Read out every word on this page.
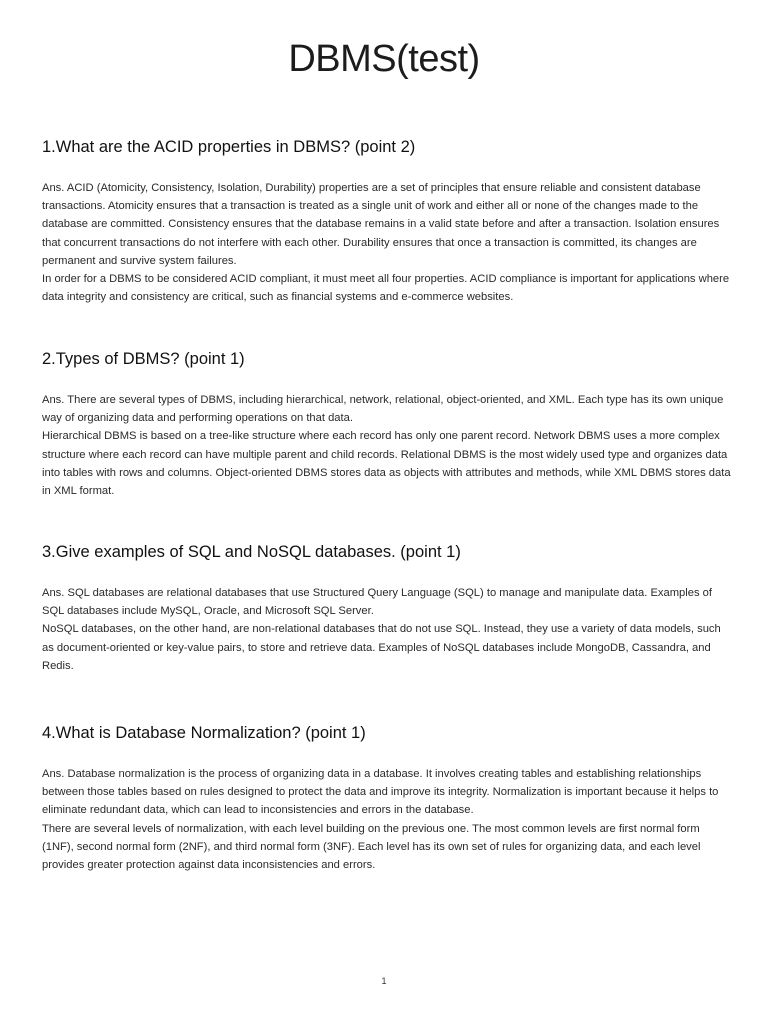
DBMS(test)
1.What are the ACID properties in DBMS? (point 2)

Ans. ACID (Atomicity, Consistency, Isolation, Durability) properties are a set of principles that ensure reliable and consistent database transactions. Atomicity ensures that a transaction is treated as a single unit of work and either all or none of the changes made to the database are committed. Consistency ensures that the database remains in a valid state before and after a transaction. Isolation ensures that concurrent transactions do not interfere with each other. Durability ensures that once a transaction is committed, its changes are permanent and survive system failures.

In order for a DBMS to be considered ACID compliant, it must meet all four properties. ACID compliance is important for applications where data integrity and consistency are critical, such as financial systems and e-commerce websites.

2.Types of DBMS? (point 1)

Ans. There are several types of DBMS, including hierarchical, network, relational, object-oriented, and XML. Each type has its own unique way of organizing data and performing operations on that data.

Hierarchical DBMS is based on a tree-like structure where each record has only one parent record. Network DBMS uses a more complex structure where each record can have multiple parent and child records. Relational DBMS is the most widely used type and organizes data into tables with rows and columns. Object-oriented DBMS stores data as objects with attributes and methods, while XML DBMS stores data in XML format.

3.Give examples of SQL and NoSQL databases. (point 1)

Ans. SQL databases are relational databases that use Structured Query Language (SQL) to manage and manipulate data. Examples of SQL databases include MySQL, Oracle, and Microsoft SQL Server.

NoSQL databases, on the other hand, are non-relational databases that do not use SQL. Instead, they use a variety of data models, such as document-oriented or key-value pairs, to store and retrieve data. Examples of NoSQL databases include MongoDB, Cassandra, and Redis.

4.What is Database Normalization? (point 1)

Ans. Database normalization is the process of organizing data in a database. It involves creating tables and establishing relationships between those tables based on rules designed to protect the data and improve its integrity. Normalization is important because it helps to eliminate redundant data, which can lead to inconsistencies and errors in the database.

There are several levels of normalization, with each level building on the previous one. The most common levels are first normal form (1NF), second normal form (2NF), and third normal form (3NF). Each level has its own set of rules for organizing data, and each level provides greater protection against data inconsistencies and errors.

1
